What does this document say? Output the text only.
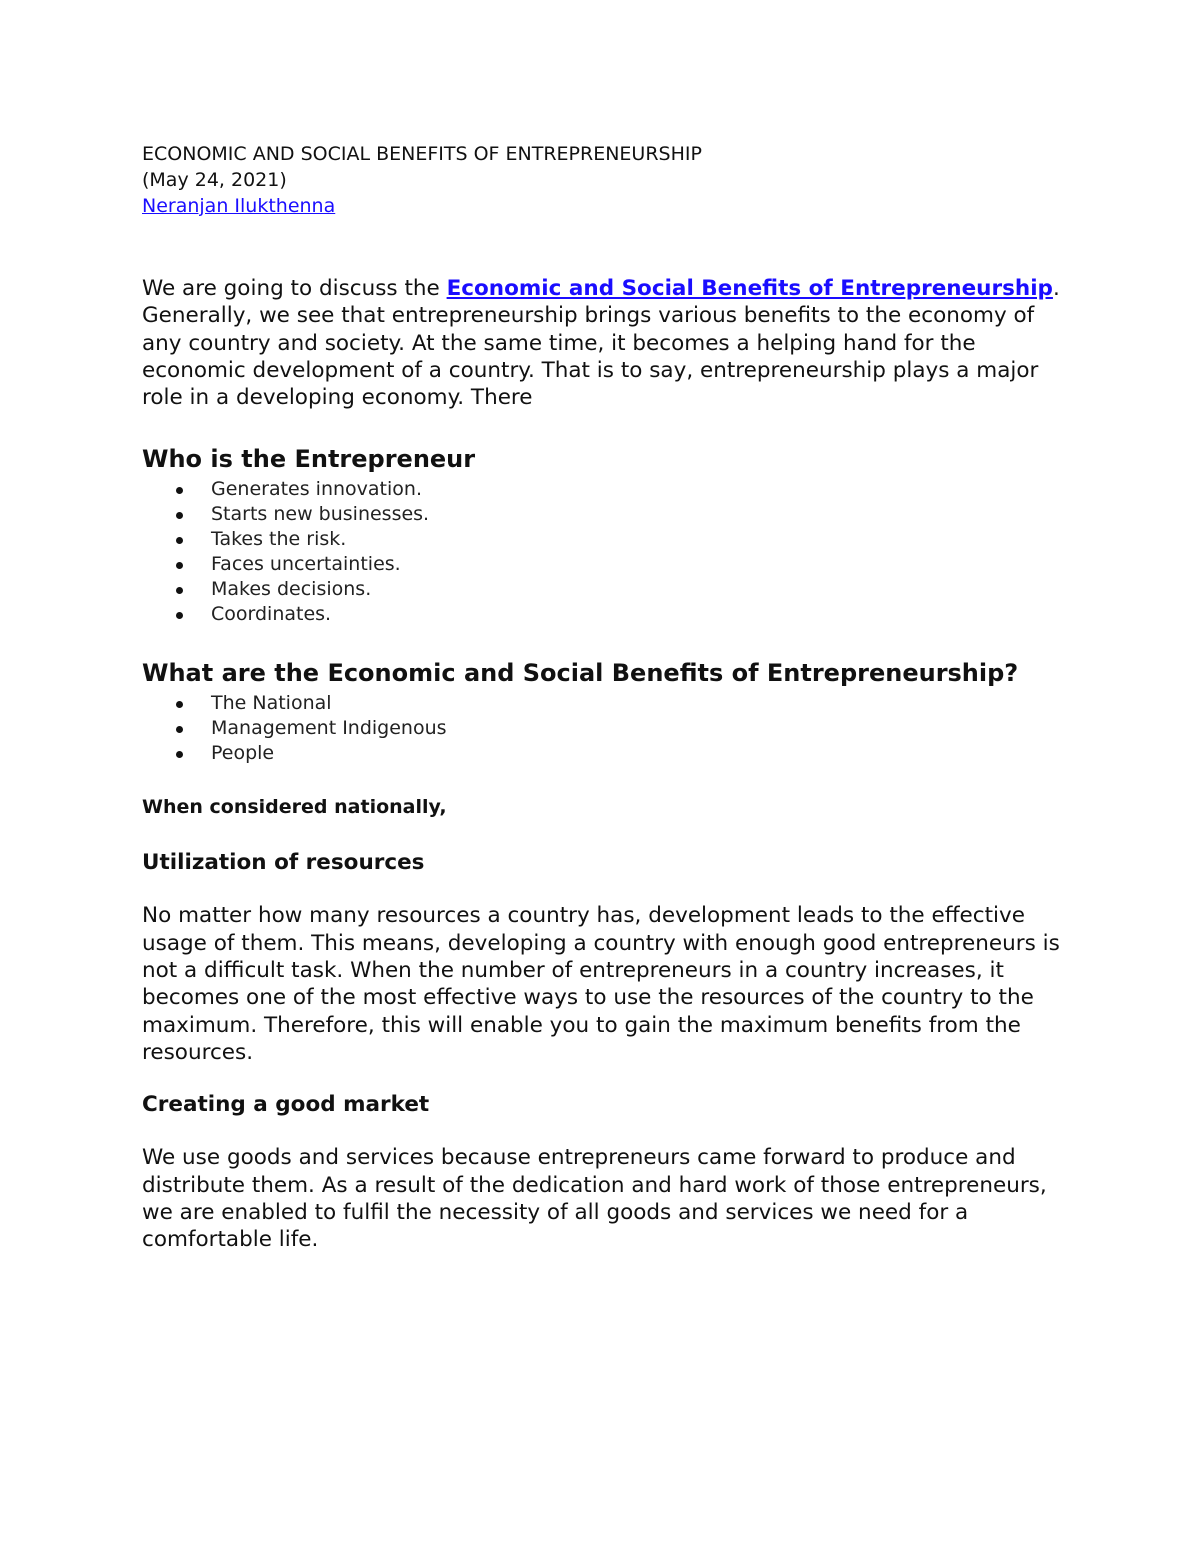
ECONOMIC AND SOCIAL BENEFITS OF ENTREPRENEURSHIP

(May 24, 2021)

Neranjan Ilukthenna

We are going to discuss the Economic and Social Benefits of Entrepreneurship. Generally, we see that entrepreneurship brings various benefits to the economy of any country and society. At the same time, it becomes a helping hand for the economic development of a country. That is to say, entrepreneurship plays a major role in a developing economy. There

Who is the Entrepreneur
Generates innovation.
Starts new businesses.
Takes the risk.
Faces uncertainties.
Makes decisions.
Coordinates.
What are the Economic and Social Benefits of Entrepreneurship?
The National
Management Indigenous
People

When considered nationally,

Utilization of resources

No matter how many resources a country has, development leads to the effective usage of them. This means, developing a country with enough good entrepreneurs is not a difficult task. When the number of entrepreneurs in a country increases, it becomes one of the most effective ways to use the resources of the country to the maximum. Therefore, this will enable you to gain the maximum benefits from the resources.

Creating a good market

We use goods and services because entrepreneurs came forward to produce and distribute them. As a result of the dedication and hard work of those entrepreneurs, we are enabled to fulfil the necessity of all goods and services we need for a comfortable life.
